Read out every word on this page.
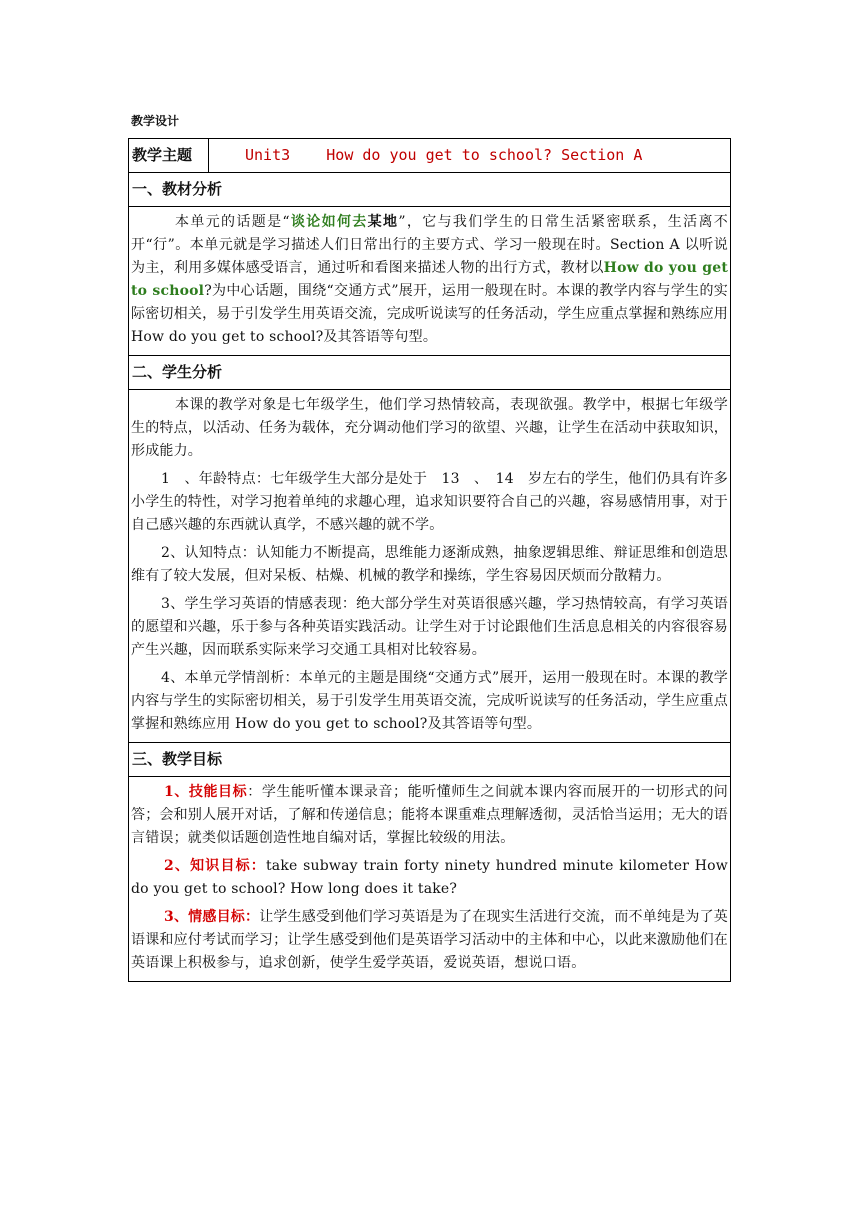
教学设计
教学主题	Unit3    How do you get to school? Section A
一、教材分析

本单元的话题是“谈论如何去某地”，它与我们学生的日常生活紧密联系，生活离不开“行”。本单元就是学习描述人们日常出行的主要方式、学习一般现在时。Section A 以听说为主，利用多媒体感受语言，通过听和看图来描述人物的出行方式，教材以How do you get to school?为中心话题，围绕“交通方式”展开，运用一般现在时。本课的教学内容与学生的实际密切相关，易于引发学生用英语交流，完成听说读写的任务活动，学生应重点掌握和熟练应用 How do you get to school?及其答语等句型。

二、学生分析

本课的教学对象是七年级学生，他们学习热情较高，表现欲强。教学中，根据七年级学生的特点，以活动、任务为载体，充分调动他们学习的欲望、兴趣，让学生在活动中获取知识，形成能力。

1　、年龄特点：七年级学生大部分是处于　13　、　14　岁左右的学生，他们仍具有许多小学生的特性，对学习抱着单纯的求趣心理，追求知识要符合自己的兴趣，容易感情用事，对于自己感兴趣的东西就认真学，不感兴趣的就不学。

2、认知特点：认知能力不断提高，思维能力逐渐成熟，抽象逻辑思维、辩证思维和创造思维有了较大发展，但对呆板、枯燥、机械的教学和操练，学生容易因厌烦而分散精力。

3、学生学习英语的情感表现：绝大部分学生对英语很感兴趣，学习热情较高，有学习英语的愿望和兴趣，乐于参与各种英语实践活动。让学生对于讨论跟他们生活息息相关的内容很容易产生兴趣，因而联系实际来学习交通工具相对比较容易。

4、本单元学情剖析：本单元的主题是围绕“交通方式”展开，运用一般现在时。本课的教学内容与学生的实际密切相关，易于引发学生用英语交流，完成听说读写的任务活动，学生应重点掌握和熟练应用 How do you get to school?及其答语等句型。

三、教学目标

1、技能目标：学生能听懂本课录音；能听懂师生之间就本课内容而展开的一切形式的问答；会和别人展开对话，了解和传递信息；能将本课重难点理解透彻，灵活恰当运用；无大的语言错误；就类似话题创造性地自编对话，掌握比较级的用法。

2、知识目标：take subway train forty ninety hundred minute kilometer How do you get to school? How long does it take?

3、情感目标：让学生感受到他们学习英语是为了在现实生活进行交流，而不单纯是为了英语课和应付考试而学习；让学生感受到他们是英语学习活动中的主体和中心，以此来激励他们在英语课上积极参与，追求创新，使学生爱学英语，爱说英语，想说口语。
